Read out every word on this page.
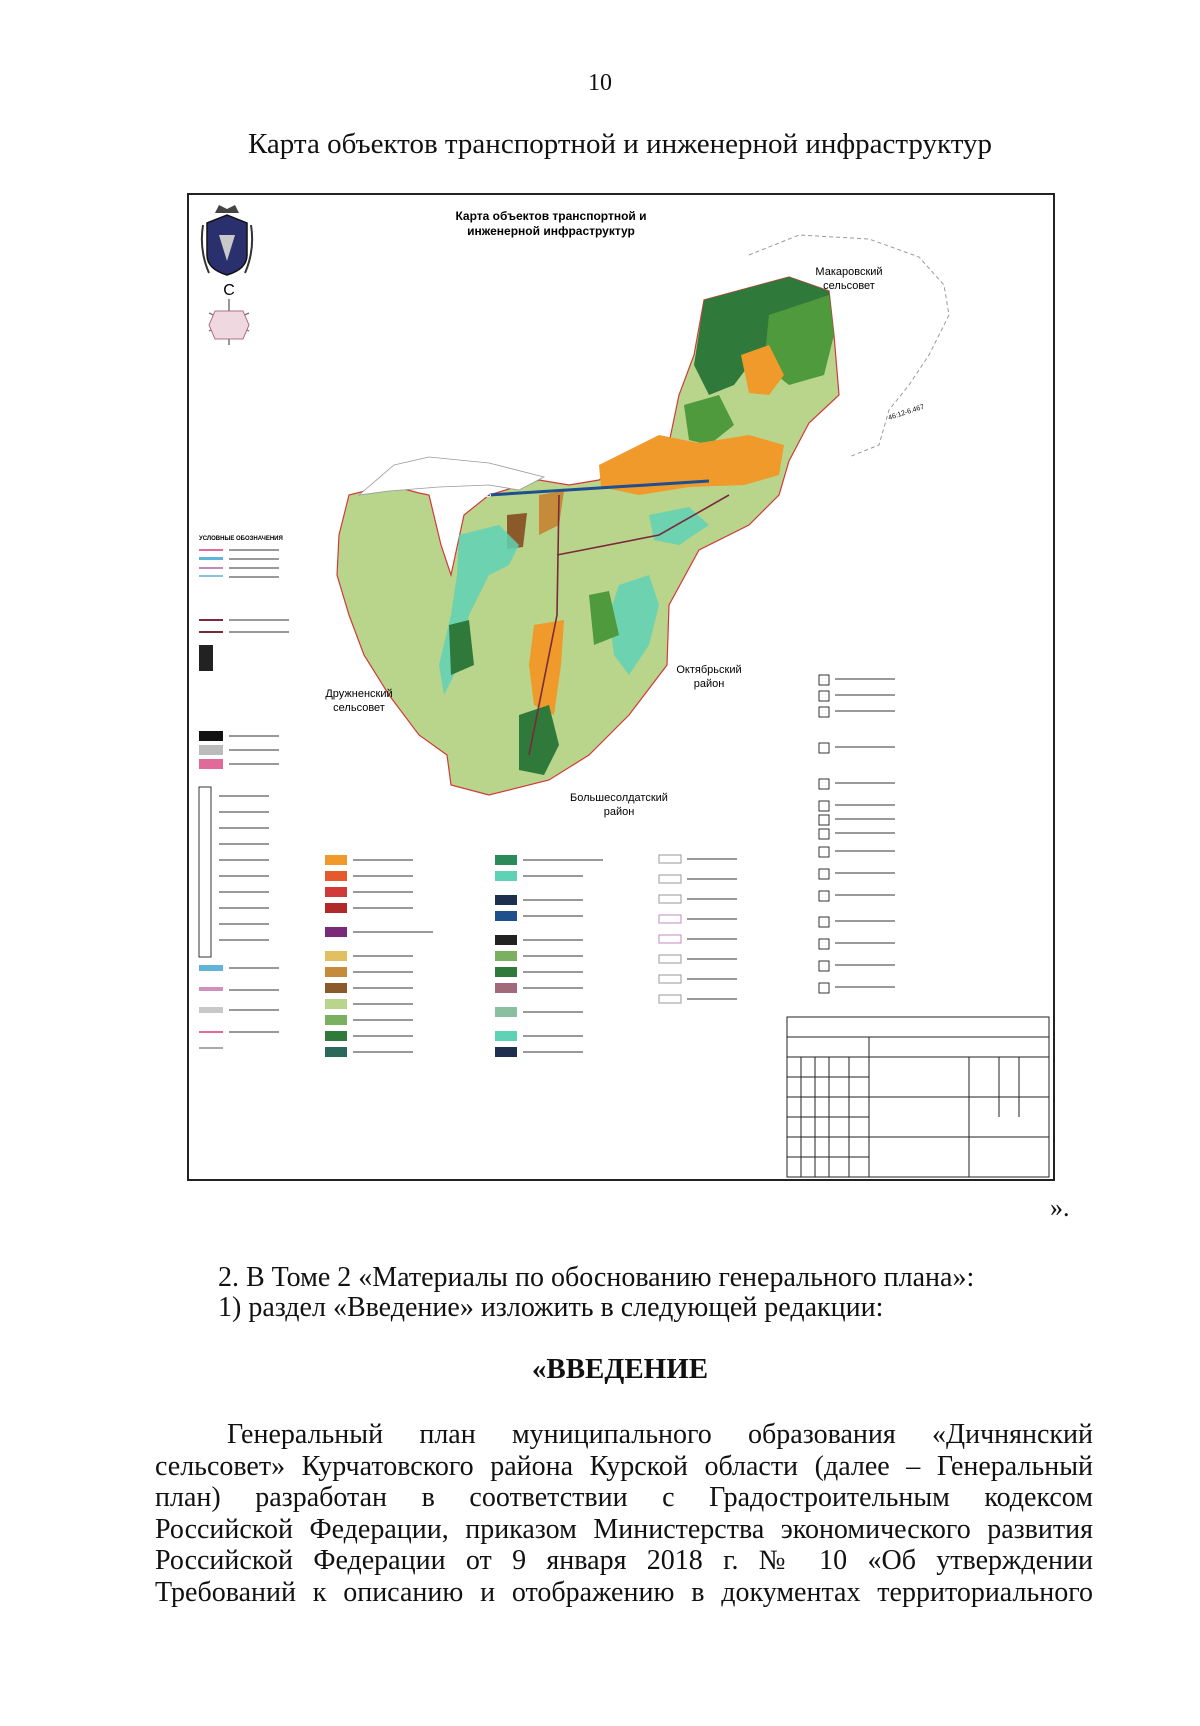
10
Карта объектов транспортной и инженерной инфраструктур
Карта объектов транспортной и
инженерной инфраструктур
С
Макаровский
сельсовет
г. Курчатов
Дружненский
сельсовет
Октябрьский
район
Большесолдатский
район
46:12-6.467
УСЛОВНЫЕ ОБОЗНАЧЕНИЯ
».
2. В Томе 2 «Материалы по обоснованию генерального плана»:
1) раздел «Введение» изложить в следующей редакции:
«ВВЕДЕНИЕ
Генеральный план муниципального образования «Дичнянский
сельсовет» Курчатовского района Курской области (далее – Генеральный
план) разработан в соответствии с Градостроительным кодексом
Российской Федерации, приказом Министерства экономического развития
Российской Федерации от 9 января 2018 г. № 10 «Об утверждении
Требований к описанию и отображению в документах территориального
